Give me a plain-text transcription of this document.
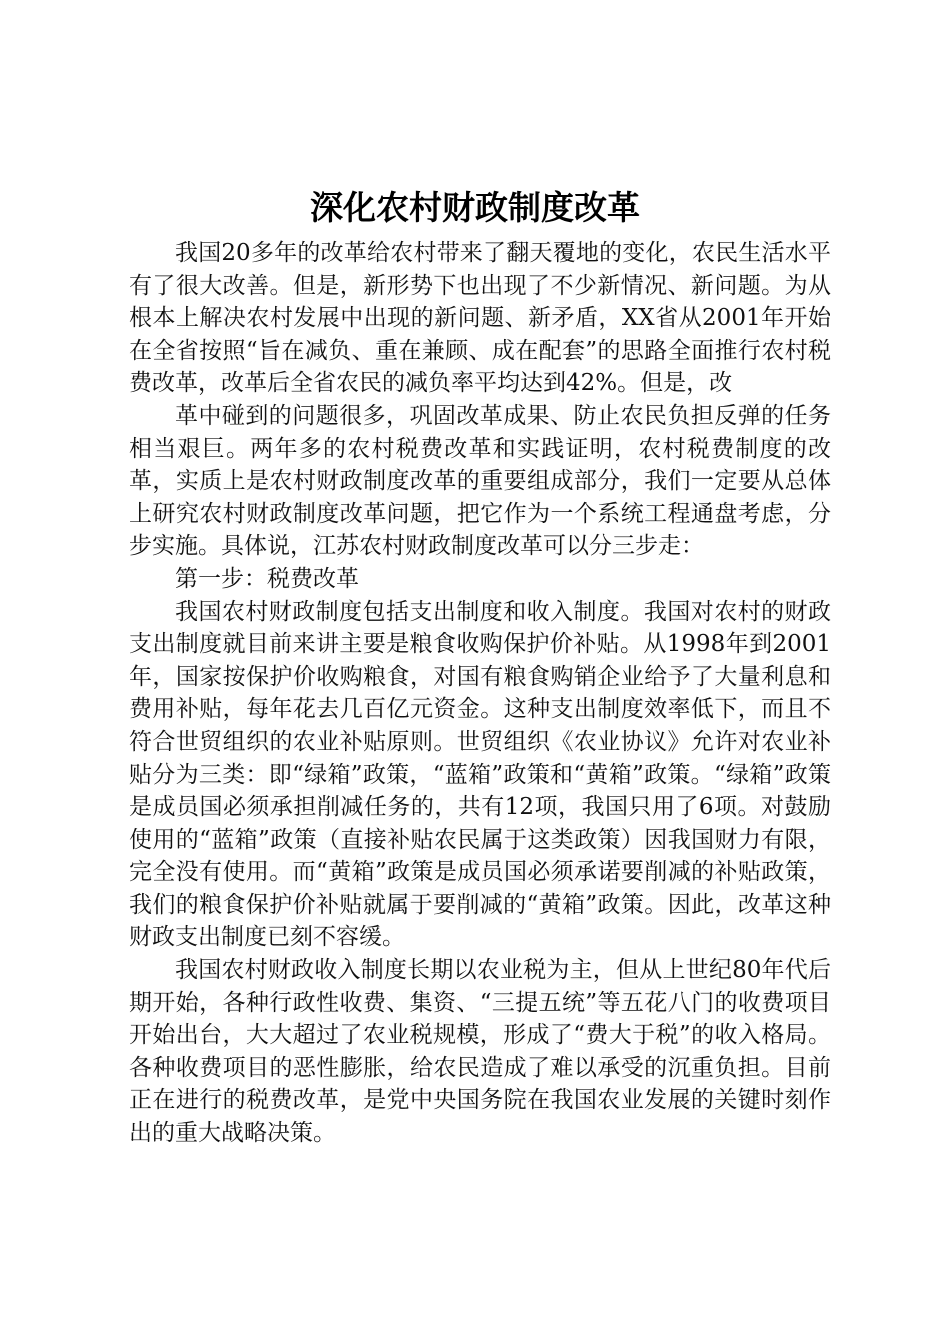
深化农村财政制度改革

我国20多年的改革给农村带来了翻天覆地的变化，农民生活水平有了很大改善。但是，新形势下也出现了不少新情况、新问题。为从根本上解决农村发展中出现的新问题、新矛盾，XX省从2001年开始在全省按照“旨在减负、重在兼顾、成在配套”的思路全面推行农村税费改革，改革后全省农民的减负率平均达到42%。但是，改

革中碰到的问题很多，巩固改革成果、防止农民负担反弹的任务相当艰巨。两年多的农村税费改革和实践证明，农村税费制度的改革，实质上是农村财政制度改革的重要组成部分，我们一定要从总体上研究农村财政制度改革问题，把它作为一个系统工程通盘考虑，分步实施。具体说，江苏农村财政制度改革可以分三步走：

第一步：税费改革

我国农村财政制度包括支出制度和收入制度。我国对农村的财政支出制度就目前来讲主要是粮食收购保护价补贴。从1998年到2001年，国家按保护价收购粮食，对国有粮食购销企业给予了大量利息和费用补贴，每年花去几百亿元资金。这种支出制度效率低下，而且不符合世贸组织的农业补贴原则。世贸组织《农业协议》允许对农业补贴分为三类：即“绿箱”政策，“蓝箱”政策和“黄箱”政策。“绿箱”政策是成员国必须承担削减任务的，共有12项，我国只用了6项。对鼓励使用的“蓝箱”政策（直接补贴农民属于这类政策）因我国财力有限，完全没有使用。而“黄箱”政策是成员国必须承诺要削减的补贴政策，我们的粮食保护价补贴就属于要削减的“黄箱”政策。因此，改革这种财政支出制度已刻不容缓。

我国农村财政收入制度长期以农业税为主，但从上世纪80年代后期开始，各种行政性收费、集资、“三提五统”等五花八门的收费项目开始出台，大大超过了农业税规模，形成了“费大于税”的收入格局。各种收费项目的恶性膨胀，给农民造成了难以承受的沉重负担。目前正在进行的税费改革，是党中央国务院在我国农业发展的关键时刻作出的重大战略决策。
